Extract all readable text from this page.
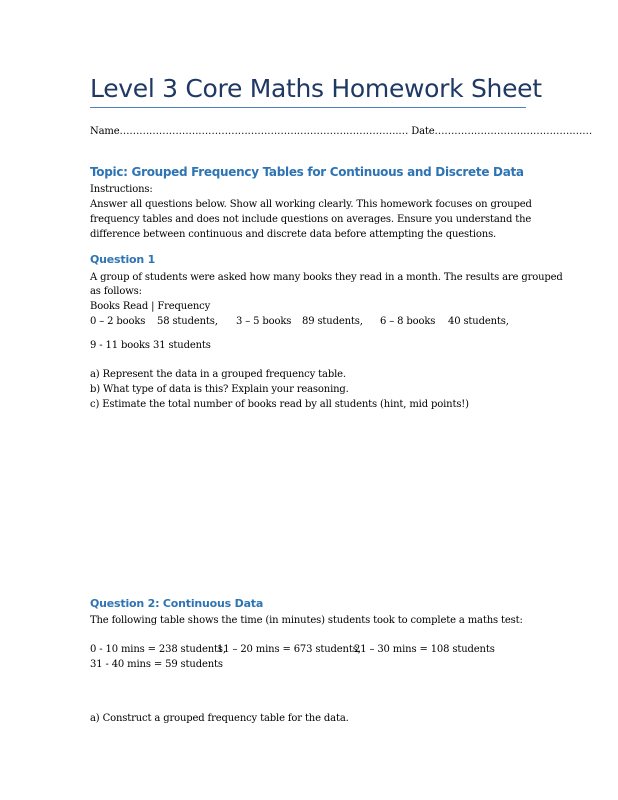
Level 3 Core Maths Homework Sheet
Name………………………………………………………………………….… Date…………………………………………
Topic: Grouped Frequency Tables for Continuous and Discrete Data
Instructions:
Answer all questions below. Show all working clearly. This homework focuses on grouped
frequency tables and does not include questions on averages. Ensure you understand the
difference between continuous and discrete data before attempting the questions.
Question 1
A group of students were asked how many books they read in a month. The results are grouped
as follows:
Books Read | Frequency
0 – 2 books 58 students, 3 – 5 books 89 students, 6 – 8 books 40 students,
9 - 11 books 31 students
a) Represent the data in a grouped frequency table.
b) What type of data is this? Explain your reasoning.
c) Estimate the total number of books read by all students (hint, mid points!)
Question 2: Continuous Data
The following table shows the time (in minutes) students took to complete a maths test:
0 - 10 mins = 238 students,
11 – 20 mins = 673 students,
21 – 30 mins = 108 students
31 - 40 mins = 59 students
a) Construct a grouped frequency table for the data.
